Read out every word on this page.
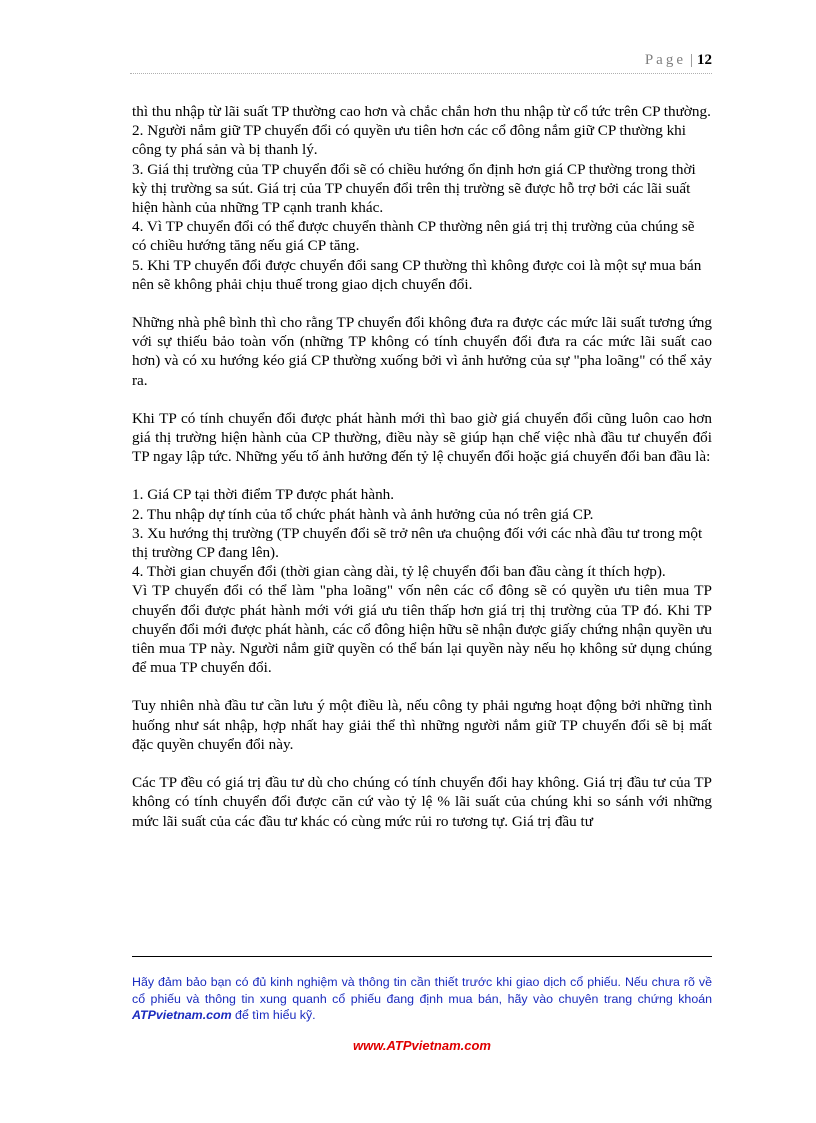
Page | 12

thì thu nhập từ lãi suất TP thường cao hơn và chắc chắn hơn thu nhập từ cổ tức trên CP thường.

2. Người nắm giữ TP chuyển đổi có quyền ưu tiên hơn các cổ đông nắm giữ CP thường khi công ty phá sản và bị thanh lý.

3. Giá thị trường của TP chuyển đổi sẽ có chiều hướng ổn định hơn giá CP thường trong thời kỳ thị trường sa sút. Giá trị của TP chuyển đổi trên thị trường sẽ được hỗ trợ bởi các lãi suất hiện hành của những TP cạnh tranh khác.

4. Vì TP chuyển đổi có thể được chuyển thành CP thường nên giá trị thị trường của chúng sẽ có chiều hướng tăng nếu giá CP tăng.

5. Khi TP chuyển đổi được chuyển đổi sang CP thường thì không được coi là một sự mua bán nên sẽ không phải chịu thuế trong giao dịch chuyển đổi.

Những nhà phê bình thì cho rằng TP chuyển đổi không đưa ra được các mức lãi suất tương ứng với sự thiếu bảo toàn vốn (những TP không có tính chuyển đổi đưa ra các mức lãi suất cao hơn) và có xu hướng kéo giá CP thường xuống bởi vì ảnh hưởng của sự "pha loãng" có thể xảy ra.

Khi TP có tính chuyển đổi được phát hành mới thì bao giờ giá chuyển đổi cũng luôn cao hơn giá thị trường hiện hành của CP thường, điều này sẽ giúp hạn chế việc nhà đầu tư chuyển đổi TP ngay lập tức. Những yếu tố ảnh hưởng đến tỷ lệ chuyển đổi hoặc giá chuyển đổi ban đầu là:

1. Giá CP tại thời điểm TP được phát hành.

2. Thu nhập dự tính của tổ chức phát hành và ảnh hưởng của nó trên giá CP.

3. Xu hướng thị trường (TP chuyển đổi sẽ trở nên ưa chuộng đối với các nhà đầu tư trong một thị trường CP đang lên).

4. Thời gian chuyển đổi (thời gian càng dài, tỷ lệ chuyển đổi ban đầu càng ít thích hợp).

Vì TP chuyển đổi có thể làm "pha loãng" vốn nên các cổ đông sẽ có quyền ưu tiên mua TP chuyển đổi được phát hành mới với giá ưu tiên thấp hơn giá trị thị trường của TP đó. Khi TP chuyển đổi mới được phát hành, các cổ đông hiện hữu sẽ nhận được giấy chứng nhận quyền ưu tiên mua TP này. Người nắm giữ quyền có thể bán lại quyền này nếu họ không sử dụng chúng để mua TP chuyển đổi.

Tuy nhiên nhà đầu tư cần lưu ý một điều là, nếu công ty phải ngưng hoạt động bởi những tình huống như sát nhập, hợp nhất hay giải thể thì những người nắm giữ TP chuyển đổi sẽ bị mất đặc quyền chuyển đổi này.

Các TP đều có giá trị đầu tư dù cho chúng có tính chuyển đổi hay không. Giá trị đầu tư của TP không có tính chuyển đổi được căn cứ vào tỷ lệ % lãi suất của chúng khi so sánh với những mức lãi suất của các đầu tư khác có cùng mức rủi ro tương tự. Giá trị đầu tư

Hãy đảm bảo bạn có đủ kinh nghiệm và thông tin cần thiết trước khi giao dịch cổ phiếu. Nếu chưa rõ về cổ phiếu và thông tin xung quanh cổ phiếu đang định mua bán, hãy vào chuyên trang chứng khoán ATPvietnam.com để tìm hiểu kỹ.
www.ATPvietnam.com
